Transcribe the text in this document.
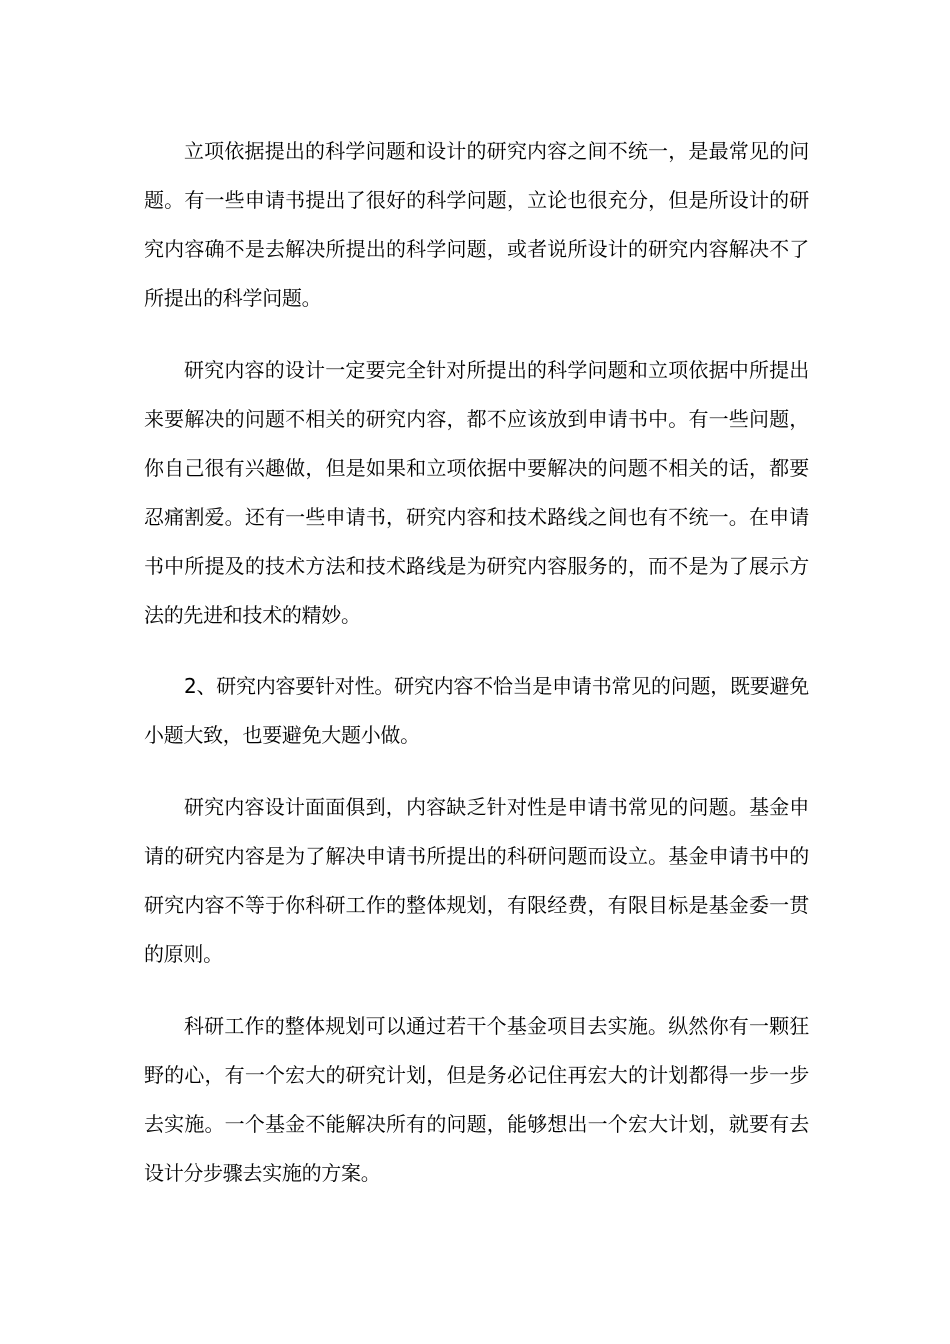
立项依据提出的科学问题和设计的研究内容之间不统一，是最常见的问题。有一些申请书提出了很好的科学问题，立论也很充分，但是所设计的研究内容确不是去解决所提出的科学问题，或者说所设计的研究内容解决不了所提出的科学问题。

研究内容的设计一定要完全针对所提出的科学问题和立项依据中所提出来要解决的问题不相关的研究内容，都不应该放到申请书中。有一些问题，你自己很有兴趣做，但是如果和立项依据中要解决的问题不相关的话，都要忍痛割爱。还有一些申请书，研究内容和技术路线之间也有不统一。在申请书中所提及的技术方法和技术路线是为研究内容服务的，而不是为了展示方法的先进和技术的精妙。

2、研究内容要针对性。研究内容不恰当是申请书常见的问题，既要避免小题大致，也要避免大题小做。

研究内容设计面面俱到，内容缺乏针对性是申请书常见的问题。基金申请的研究内容是为了解决申请书所提出的科研问题而设立。基金申请书中的研究内容不等于你科研工作的整体规划，有限经费，有限目标是基金委一贯的原则。

科研工作的整体规划可以通过若干个基金项目去实施。纵然你有一颗狂野的心，有一个宏大的研究计划，但是务必记住再宏大的计划都得一步一步去实施。一个基金不能解决所有的问题，能够想出一个宏大计划，就要有去设计分步骤去实施的方案。
